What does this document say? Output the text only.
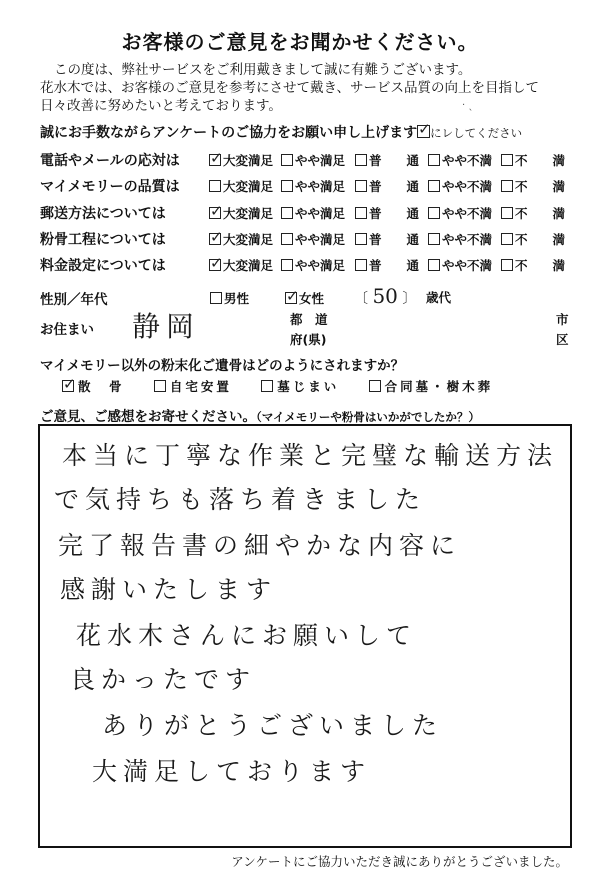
お客様のご意見をお聞かせください。
この度は、弊社サービスをご利用戴きまして誠に有難うございます。
花水木では、お客様のご意見を参考にさせて戴き、サービス品質の向上を目指して
日々改善に努めたいと考えております。	· ˎ
誠にお手数ながらアンケートのご協力をお願い申し上げます ✓ にレしてください
電話やメールの応対は ✓	大変満足	やや満足	普　　通	やや不満	不　　満
マイメモリーの品質は	大変満足	やや満足	普　　通	やや不満	不　　満
郵送方法については ✓	大変満足	やや満足	普　　通	やや不満	不　　満
粉骨工程については ✓	大変満足	やや満足	普　　通	やや不満	不　　満
料金設定については ✓	大変満足	やや満足	普　　通	やや不満	不　　満
性別／年代	男性 ✓	女性 〔 50 〕 歳代
お住まい 静岡	都　道
府(県)
市
区
マイメモリー以外の粉末化ご遺骨はどのようにされますか？
✓散　骨	自宅安置	墓じまい	合同墓・樹木葬
ご意見、ご感想をお寄せください。（マイメモリーや粉骨はいかがでしたか？）
本当に丁寧な作業と完璧な輸送方法
で気持ちも落ち着きました
完了報告書の細やかな内容に
感謝いたします
花水木さんにお願いして
良かったです
ありがとうございました
大満足しております
アンケートにご協力いただき誠にありがとうございました。
